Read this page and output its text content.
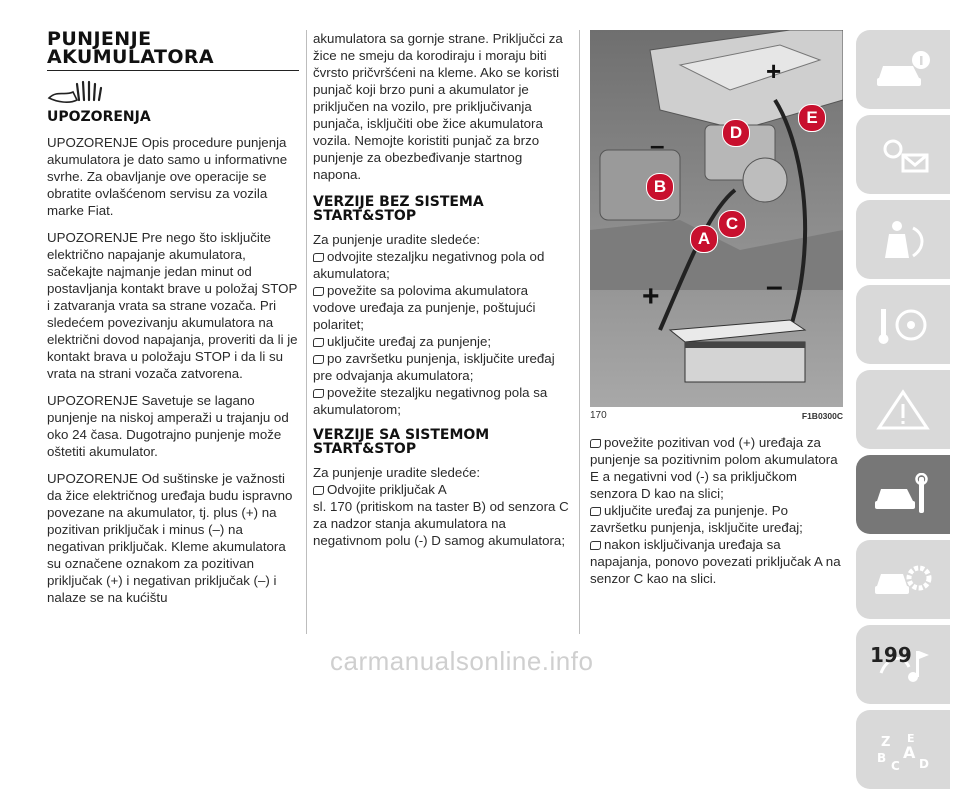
PUNJENJE
AKUMULATORA
UPOZORENJA

UPOZORENJE Opis procedure punjenja akumulatora je dato samo u informativne svrhe. Za obavljanje ove operacije se obratite ovlašćenom servisu za vozila marke Fiat.

UPOZORENJE Pre nego što isključite električno napajanje akumulatora, sačekajte najmanje jedan minut od postavljanja kontakt brave u položaj STOP i zatvaranja vrata sa strane vozača. Pri sledećem povezivanju akumulatora na električni dovod napajanja, proveriti da li je kontakt brava u položaju STOP i da li su vrata na strani vozača zatvorena.

UPOZORENJE Savetuje se lagano punjenje na niskoj amperaži u trajanju od oko 24 časa. Dugotrajno punjenje može oštetiti akumulator.

UPOZORENJE Od suštinske je važnosti da žice električnog uređaja budu ispravno povezane na akumulator, tj. plus (+) na pozitivan priključak i minus (–) na negativan priključak. Kleme akumulatora su označene oznakom za pozitivan priključak (+) i negativan priključak (–) i nalaze se na kućištu

akumulatora sa gornje strane. Priključci za žice ne smeju da korodiraju i moraju biti čvrsto pričvršćeni na kleme. Ako se koristi punjač koji brzo puni a akumulator je priključen na vozilo, pre priključivanja punjača, isključiti obe žice akumulatora vozila. Nemojte koristiti punjač za brzo punjenje za obezbeđivanje startnog napona.

VERZIJE BEZ SISTEMA
START&STOP

Za punjenje uradite sledeće:

odvojite stezaljku negativnog pola od akumulatora;

povežite sa polovima akumulatora vodove uređaja za punjenje, poštujući polaritet;

uključite uređaj za punjenje;

po završetku punjenja, isključite uređaj pre odvajanja akumulatora;

povežite stezaljku negativnog pola sa akumulatorom;

VERZIJE SA SISTEMOM
START&STOP

Za punjenje uradite sledeće:

Odvojite priključak A
sl. 170 (pritiskom na taster B) od senzora C za nadzor stanja akumulatora na negativnom polu (-) D samog akumulatora;

+	–
E
D
B
C
A
+
–
170	F1B0300C

povežite pozitivan vod (+) uređaja za punjenje sa pozitivnim polom akumulatora E a negativni vod (-) sa priključkom senzora D kao na slici;

uključite uređaj za punjenje. Po završetku punjenja, isključite uređaj;

nakon isključivanja uređaja sa napajanja, ponovo povezati priključak A na senzor C kao na slici.

Z E
A
B
C D
carmanualsonline.info	199
